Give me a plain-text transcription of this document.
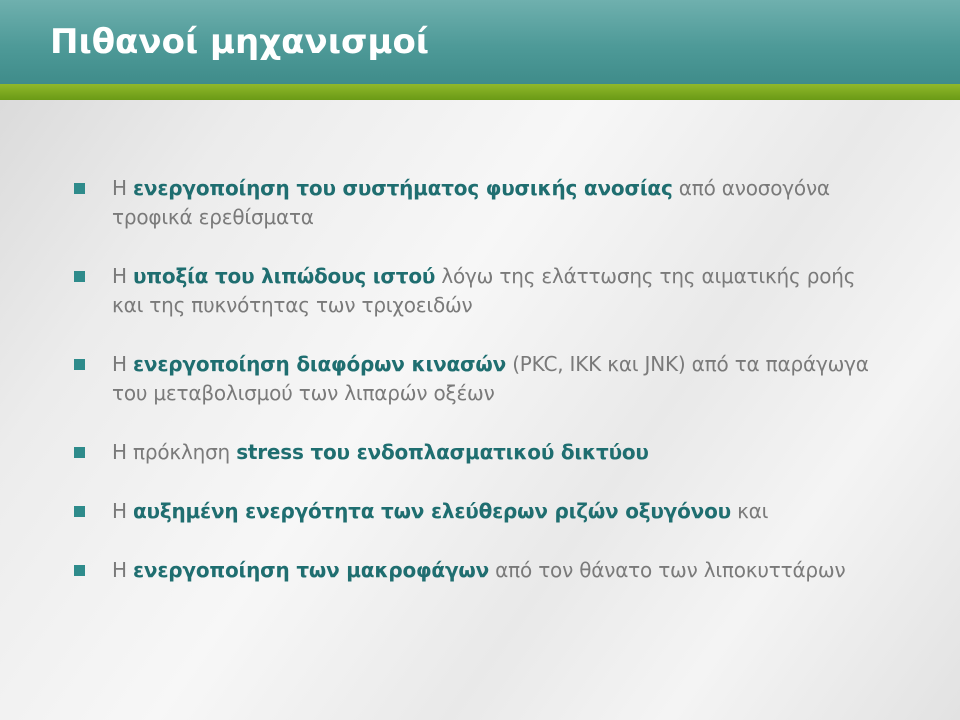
Πιθανοί μηχανισμοί
Η ενεργοποίηση του συστήματος φυσικής ανοσίας από ανοσογόνα τροφικά ερεθίσματα
Η υποξία του λιπώδους ιστού λόγω της ελάττωσης της αιματικής ροής και της πυκνότητας των τριχοειδών
Η ενεργοποίηση διαφόρων κινασών (PKC, IKK και JNK) από τα παράγωγα του μεταβολισμού των λιπαρών οξέων
Η πρόκληση stress του ενδοπλασματικού δικτύου
Η αυξημένη ενεργότητα των ελεύθερων ριζών οξυγόνου και
Η ενεργοποίηση των μακροφάγων από τον θάνατο των λιποκυττάρων
